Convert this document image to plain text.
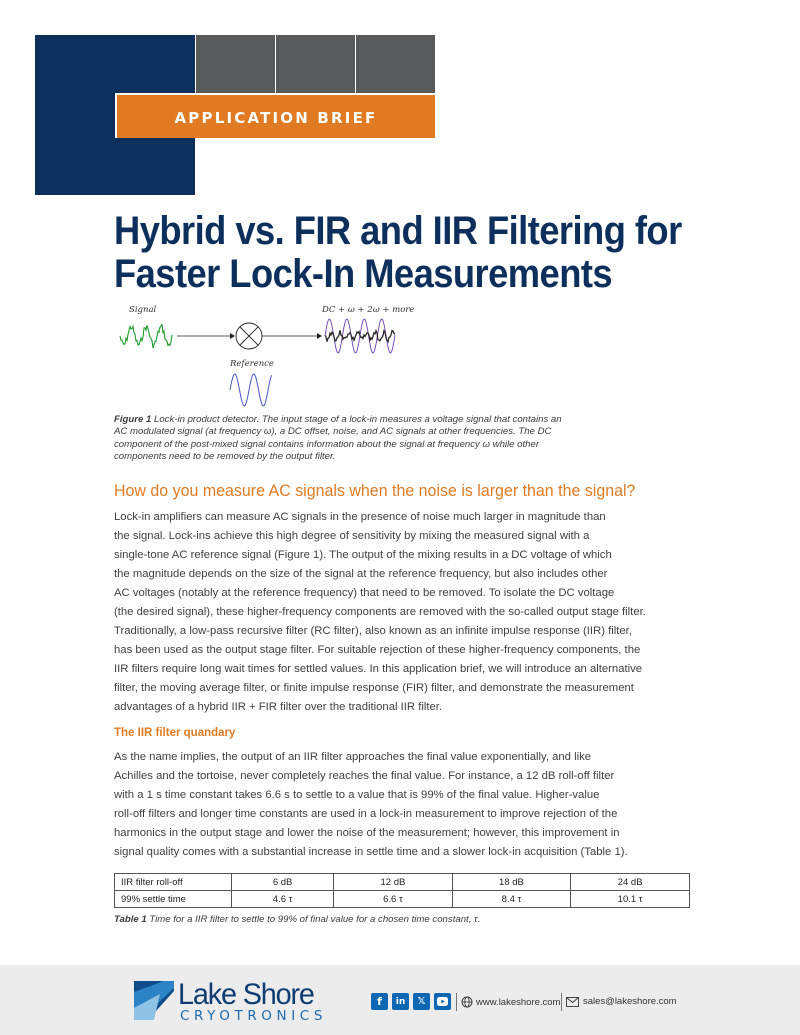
APPLICATION BRIEF
Hybrid vs. FIR and IIR Filtering for
Faster Lock-In Measurements
Signal	DC + ω + 2ω + more
Reference
Figure 1 Lock-in product detector. The input stage of a lock-in measures a voltage signal that contains an AC modulated signal (at frequency ω), a DC offset, noise, and AC signals at other frequencies. The DC component of the post-mixed signal contains information about the signal at frequency ω while other components need to be removed by the output filter.
How do you measure AC signals when the noise is larger than the signal?
Lock-in amplifiers can measure AC signals in the presence of noise much larger in magnitude than
the signal. Lock-ins achieve this high degree of sensitivity by mixing the measured signal with a
single-tone AC reference signal (Figure 1). The output of the mixing results in a DC voltage of which
the magnitude depends on the size of the signal at the reference frequency, but also includes other
AC voltages (notably at the reference frequency) that need to be removed. To isolate the DC voltage
(the desired signal), these higher-frequency components are removed with the so-called output stage filter.
Traditionally, a low-pass recursive filter (RC filter), also known as an infinite impulse response (IIR) filter,
has been used as the output stage filter. For suitable rejection of these higher-frequency components, the
IIR filters require long wait times for settled values. In this application brief, we will introduce an alternative
filter, the moving average filter, or finite impulse response (FIR) filter, and demonstrate the measurement
advantages of a hybrid IIR + FIR filter over the traditional IIR filter.
The IIR filter quandary
As the name implies, the output of an IIR filter approaches the final value exponentially, and like
Achilles and the tortoise, never completely reaches the final value. For instance, a 12 dB roll-off filter
with a 1 s time constant takes 6.6 s to settle to a value that is 99% of the final value. Higher-value
roll-off filters and longer time constants are used in a lock-in measurement to improve rejection of the
harmonics in the output stage and lower the noise of the measurement; however, this improvement in
signal quality comes with a substantial increase in settle time and a slower lock-in acquisition (Table 1).
IIR filter roll-off	6 dB	12 dB	18 dB	24 dB
99% settle time	4.6 τ	6.6 τ	8.4 τ	10.1 τ
Table 1 Time for a IIR filter to settle to 99% of final value for a chosen time constant, τ.
Lake Shore
CRYOTRONICS
f	in	𝕏	www.lakeshore.com sales@lakeshore.com
